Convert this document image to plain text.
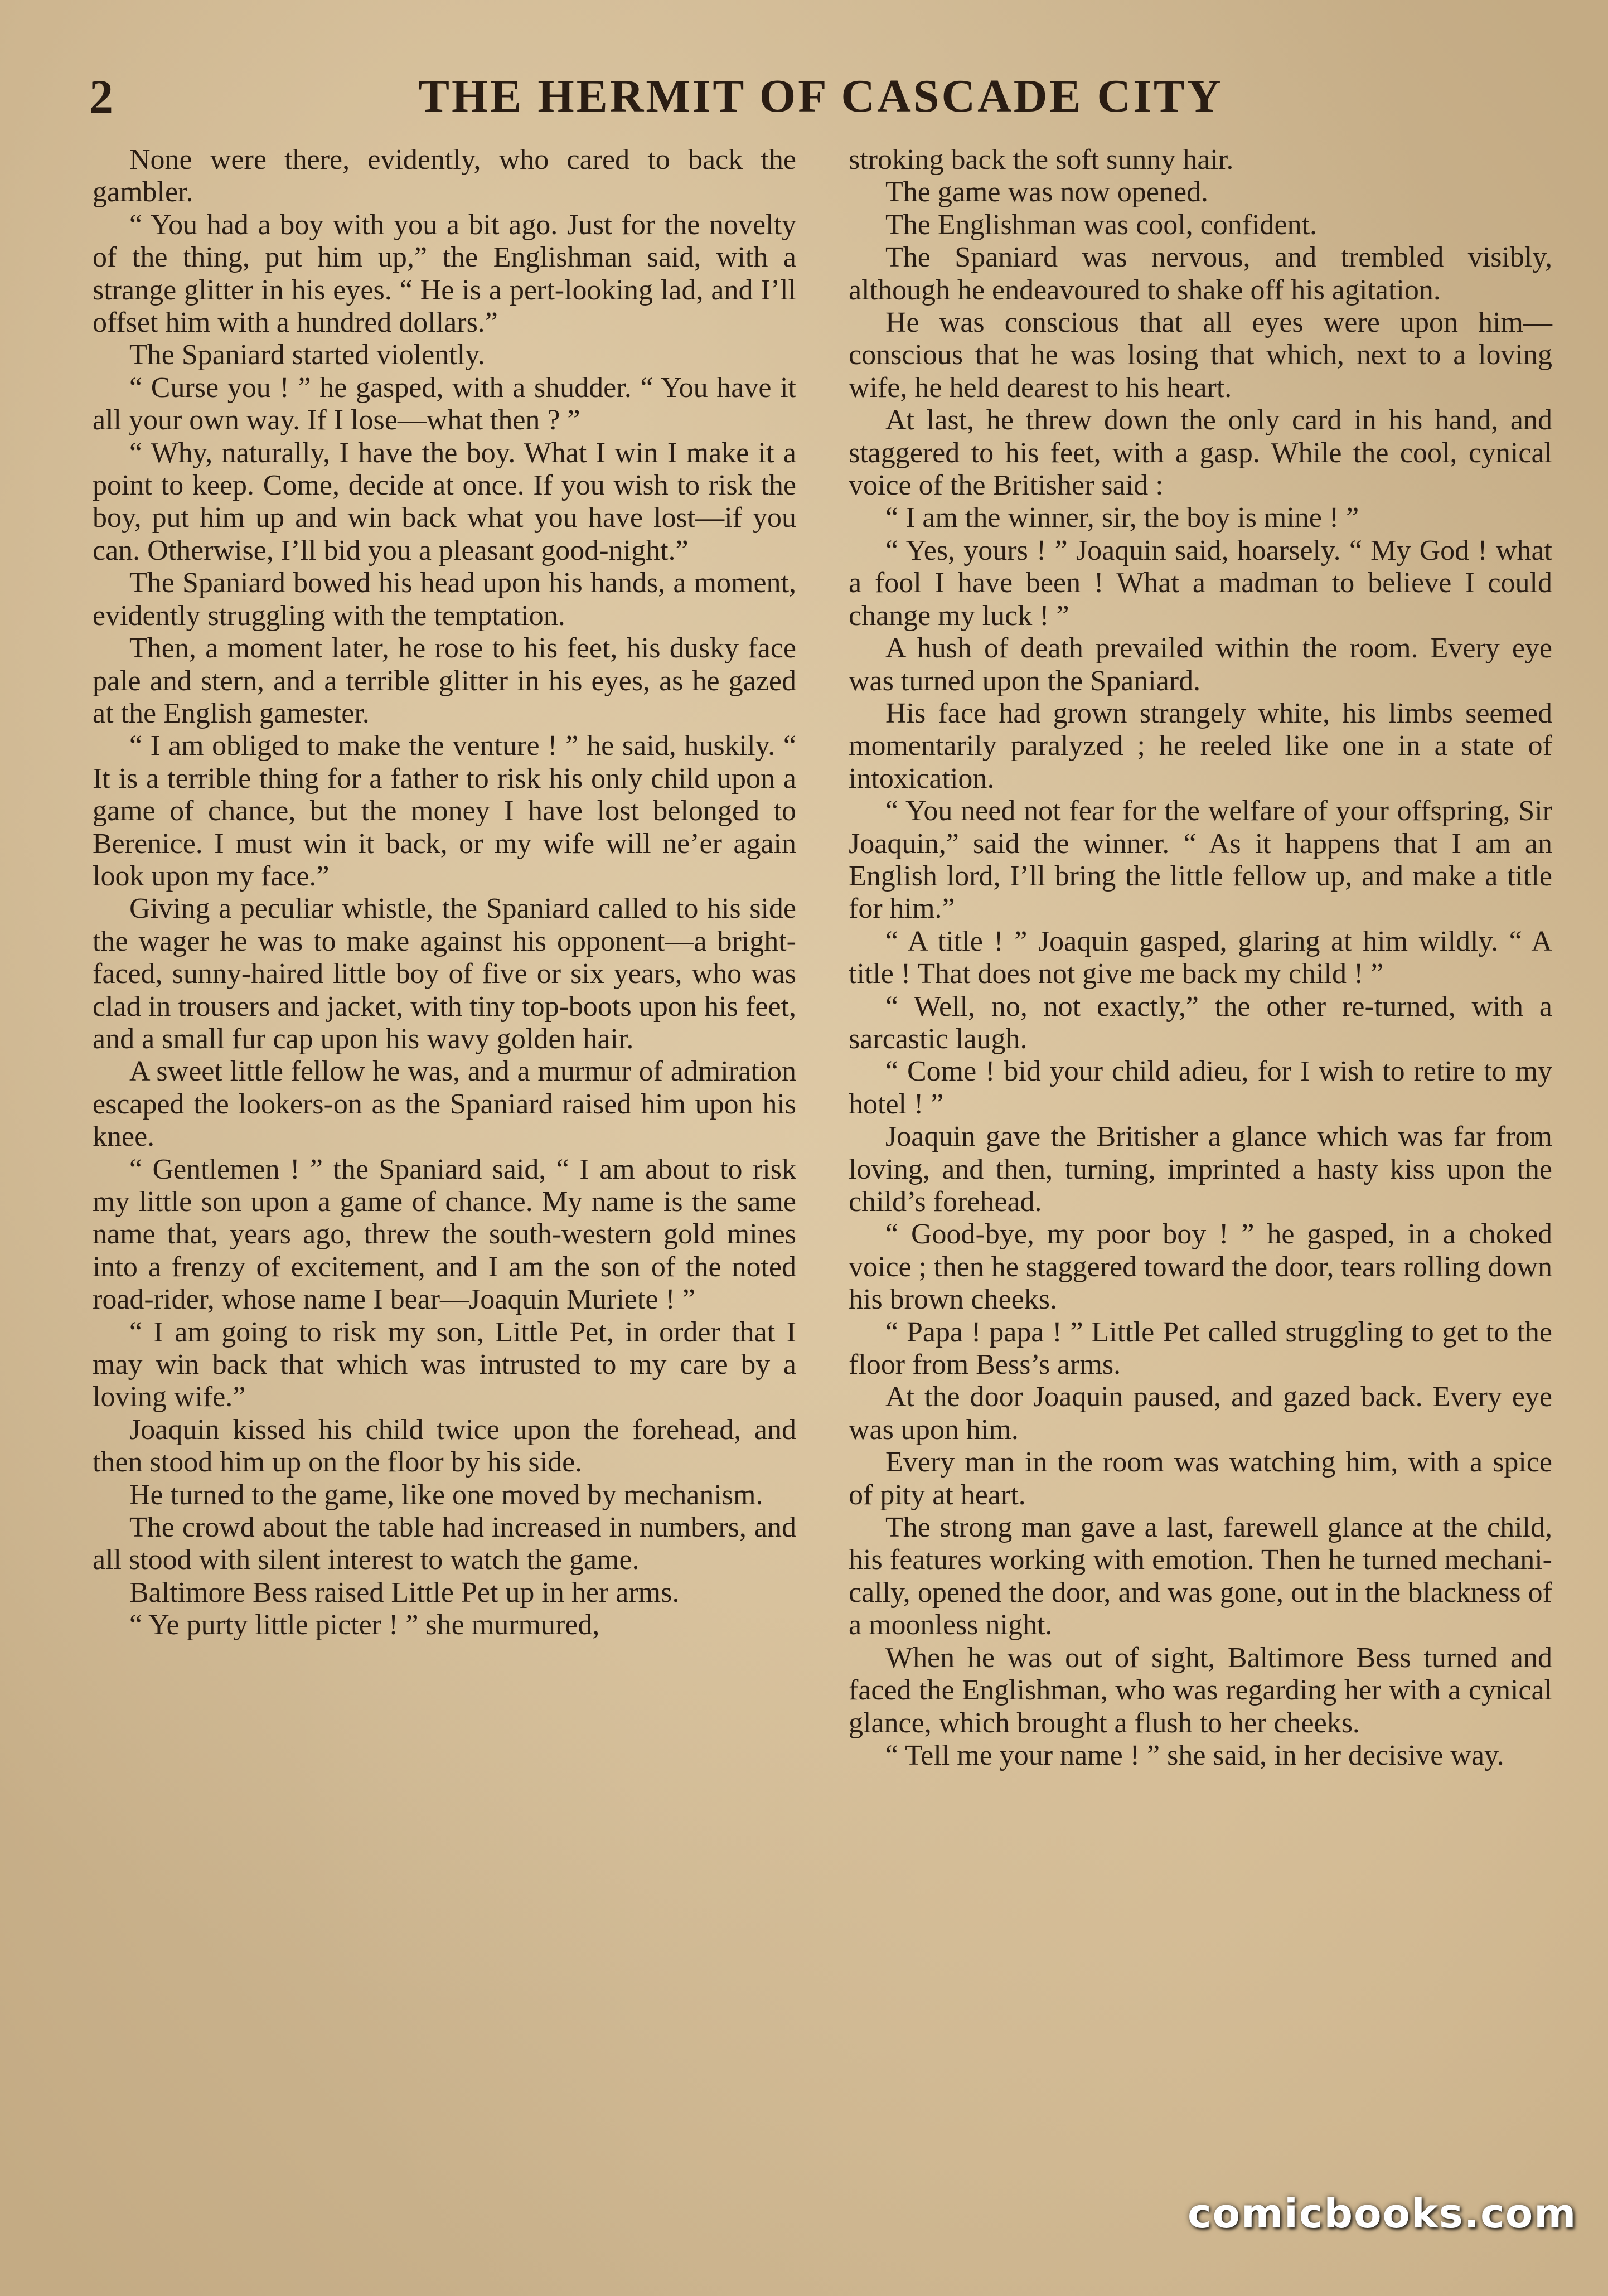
2	THE HERMIT OF CASCADE CITY

None were there, evidently, who cared to back the gambler.

“ You had a boy with you a bit ago. Just for the novelty of the thing, put him up,” the Englishman said, with a strange glitter in his eyes. “ He is a pert-looking lad, and I’ll offset him with a hundred dollars.”

The Spaniard started violently.

“ Curse you ! ” he gasped, with a shudder. “ You have it all your own way. If I lose—what then ? ”

“ Why, naturally, I have the boy. What I win I make it a point to keep. Come, decide at once. If you wish to risk the boy, put him up and win back what you have lost—if you can. Otherwise, I’ll bid you a pleasant good-night.”

The Spaniard bowed his head upon his hands, a moment, evidently struggling with the temptation.

Then, a moment later, he rose to his feet, his dusky face pale and stern, and a terrible glitter in his eyes, as he gazed at the English gamester.

“ I am obliged to make the venture ! ” he said, huskily. “ It is a terrible thing for a father to risk his only child upon a game of chance, but the money I have lost belonged to Berenice. I must win it back, or my wife will ne’er again look upon my face.”

Giving a peculiar whistle, the Spaniard called to his side the wager he was to make against his opponent—a bright-faced, sunny-haired little boy of five or six years, who was clad in trousers and jacket, with tiny top-boots upon his feet, and a small fur cap upon his wavy golden hair.

A sweet little fellow he was, and a murmur of admiration escaped the lookers-on as the Spaniard raised him upon his knee.

“ Gentlemen ! ” the Spaniard said, “ I am about to risk my little son upon a game of chance. My name is the same name that, years ago, threw the south-western gold mines into a frenzy of excitement, and I am the son of the noted road-rider, whose name I bear—Joaquin Muriete ! ”

“ I am going to risk my son, Little Pet, in order that I may win back that which was intrusted to my care by a loving wife.”

Joaquin kissed his child twice upon the forehead, and then stood him up on the floor by his side.

He turned to the game, like one moved by mechanism.

The crowd about the table had increased in numbers, and all stood with silent interest to watch the game.

Baltimore Bess raised Little Pet up in her arms.

“ Ye purty little picter ! ” she murmured,

stroking back the soft sunny hair.

The game was now opened.

The Englishman was cool, confident.

The Spaniard was nervous, and trembled visibly, although he endeavoured to shake off his agitation.

He was conscious that all eyes were upon him—conscious that he was losing that which, next to a loving wife, he held dearest to his heart.

At last, he threw down the only card in his hand, and staggered to his feet, with a gasp. While the cool, cynical voice of the Britisher said :

“ I am the winner, sir, the boy is mine ! ”

“ Yes, yours ! ” Joaquin said, hoarsely. “ My God ! what a fool I have been ! What a madman to believe I could change my luck ! ”

A hush of death prevailed within the room. Every eye was turned upon the Spaniard.

His face had grown strangely white, his limbs seemed momentarily paralyzed ; he reeled like one in a state of intoxication.

“ You need not fear for the welfare of your offspring, Sir Joaquin,” said the winner. “ As it happens that I am an English lord, I’ll bring the little fellow up, and make a title for him.”

“ A title ! ” Joaquin gasped, glaring at him wildly. “ A title ! That does not give me back my child ! ”

“ Well, no, not exactly,” the other re-turned, with a sarcastic laugh.

“ Come ! bid your child adieu, for I wish to retire to my hotel ! ”

Joaquin gave the Britisher a glance which was far from loving, and then, turning, imprinted a hasty kiss upon the child’s forehead.

“ Good-bye, my poor boy ! ” he gasped, in a choked voice ; then he staggered toward the door, tears rolling down his brown cheeks.

“ Papa ! papa ! ” Little Pet called struggling to get to the floor from Bess’s arms.

At the door Joaquin paused, and gazed back. Every eye was upon him.

Every man in the room was watching him, with a spice of pity at heart.

The strong man gave a last, farewell glance at the child, his features working with emotion. Then he turned mechani-cally, opened the door, and was gone, out in the blackness of a moonless night.

When he was out of sight, Baltimore Bess turned and faced the Englishman, who was regarding her with a cynical glance, which brought a flush to her cheeks.

“ Tell me your name ! ” she said, in her decisive way.

comicbooks.com
